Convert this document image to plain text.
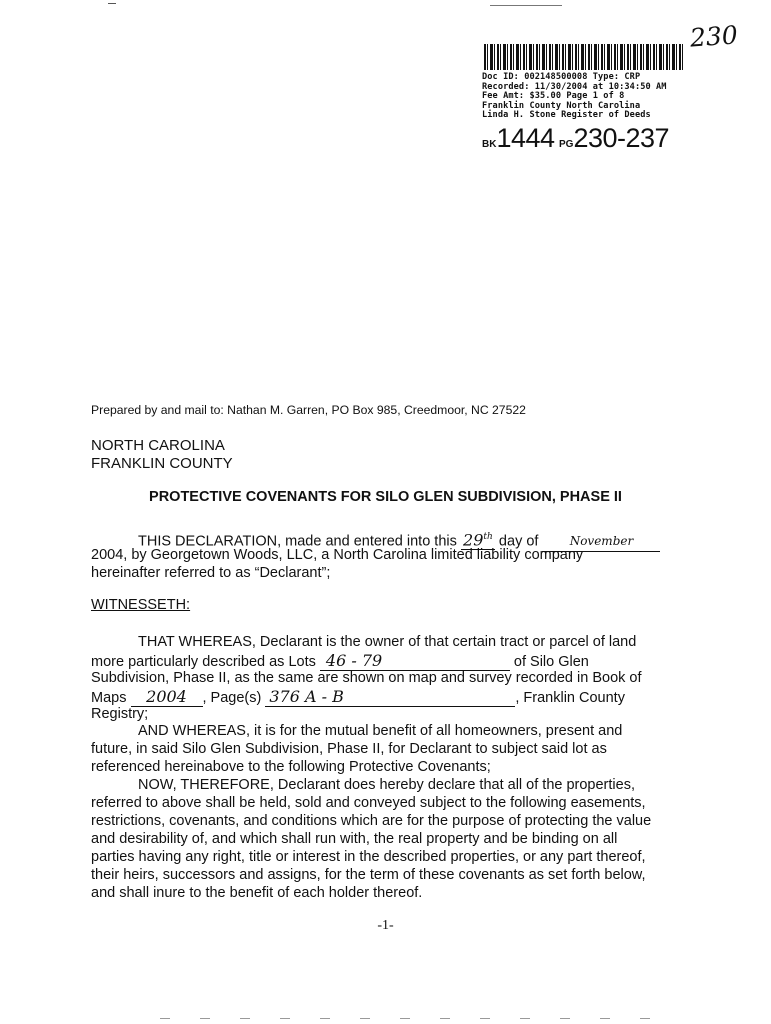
230
Doc ID: 002148500008 Type: CRP
Recorded: 11/30/2004 at 10:34:50 AM
Fee Amt: $35.00 Page 1 of 8
Franklin County North Carolina
Linda H. Stone Register of Deeds
BK1444 PG230-237
Prepared by and mail to: Nathan M. Garren, PO Box 985, Creedmoor, NC 27522
NORTH CAROLINA
FRANKLIN COUNTY
PROTECTIVE COVENANTS FOR SILO GLEN SUBDIVISION, PHASE II
THIS DECLARATION, made and entered into this 29th day of November
2004, by Georgetown Woods, LLC, a North Carolina limited liability company
hereinafter referred to as “Declarant”;
WITNESSETH:
THAT WHEREAS, Declarant is the owner of that certain tract or parcel of land
more particularly described as Lots 46 - 79	of Silo Glen
Subdivision, Phase II, as the same are shown on map and survey recorded in Book of
Maps 2004 , Page(s) 376 A - B	, Franklin County
Registry;
AND WHEREAS, it is for the mutual benefit of all homeowners, present and
future, in said Silo Glen Subdivision, Phase II, for Declarant to subject said lot as
referenced hereinabove to the following Protective Covenants;
NOW, THEREFORE, Declarant does hereby declare that all of the properties,
referred to above shall be held, sold and conveyed subject to the following easements,
restrictions, covenants, and conditions which are for the purpose of protecting the value
and desirability of, and which shall run with, the real property and be binding on all
parties having any right, title or interest in the described properties, or any part thereof,
their heirs, successors and assigns, for the term of these covenants as set forth below,
and shall inure to the benefit of each holder thereof.
-1-
